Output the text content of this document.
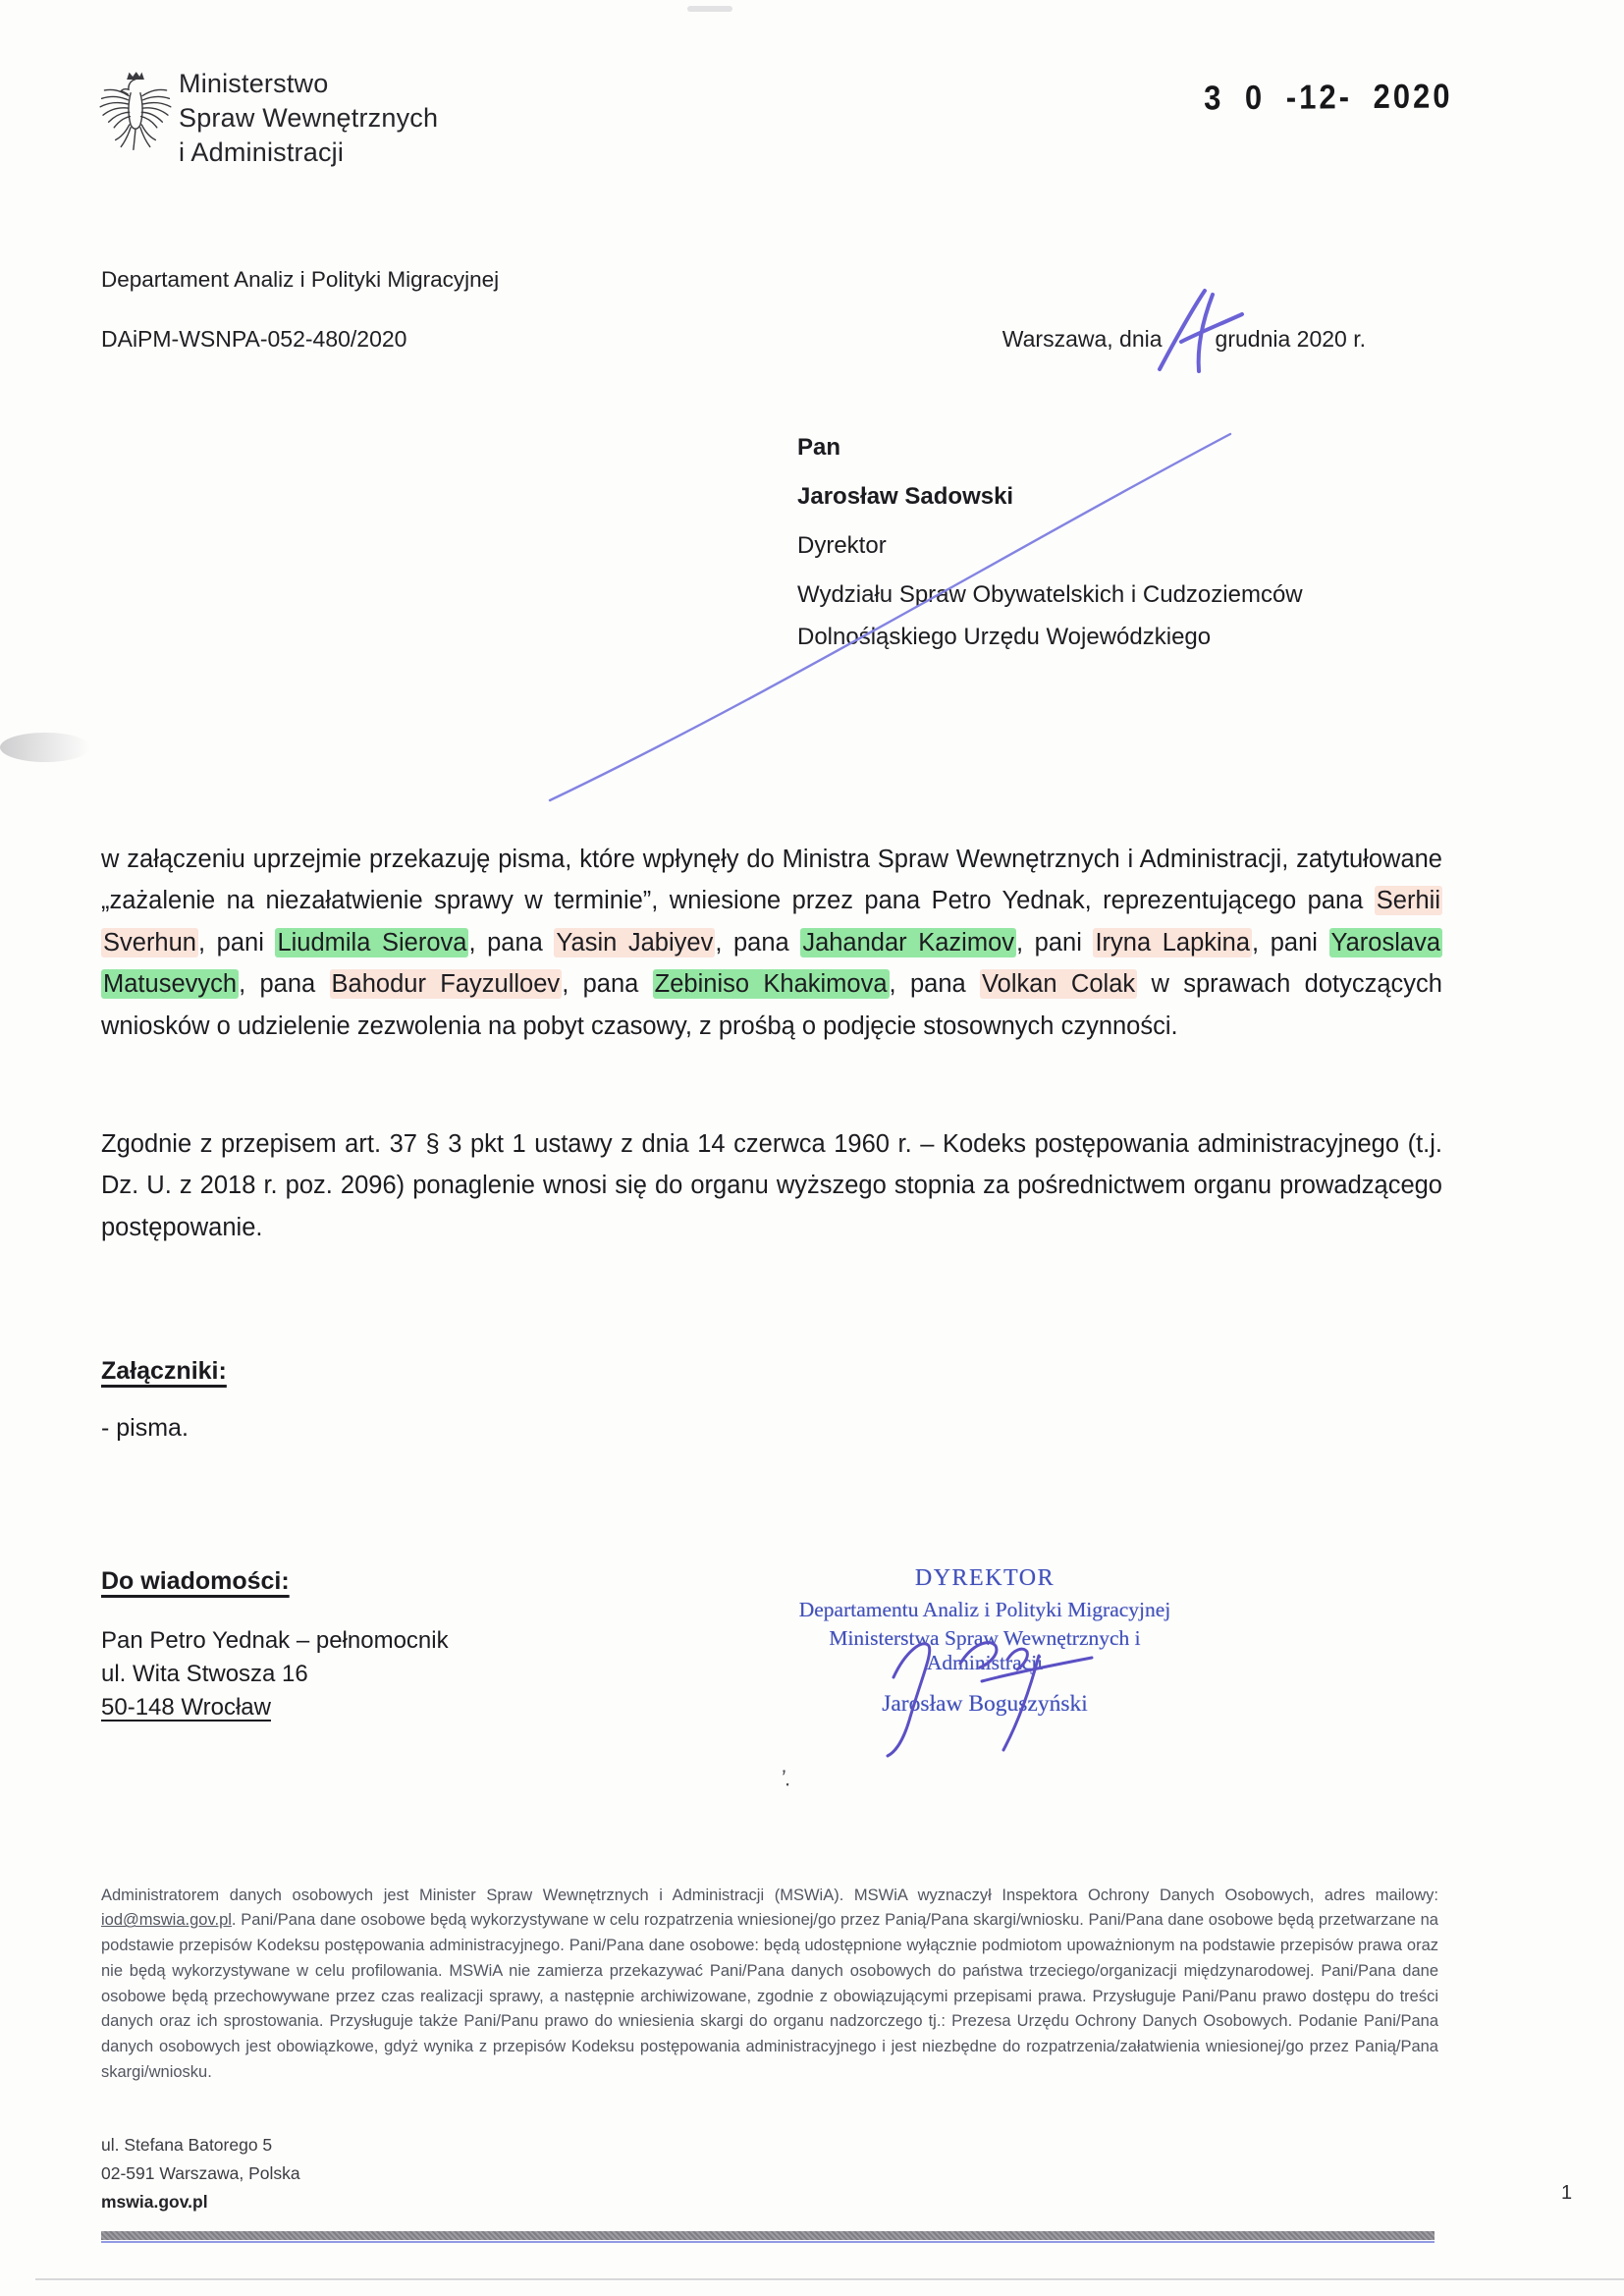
Ministerstwo
Spraw Wewnętrznych
i Administracji
3 0 -12- 2020
Departament Analiz i Polityki Migracyjnej
DAiPM-WSNPA-052-480/2020	Warszawa, dnia grudnia 2020 r.
Pan
Jarosław Sadowski
Dyrektor
Wydziału Spraw Obywatelskich i Cudzoziemców
Dolnośląskiego Urzędu Wojewódzkiego

w załączeniu uprzejmie przekazuję pisma, które wpłynęły do Ministra Spraw Wewnętrznych i Administracji, zatytułowane „zażalenie na niezałatwienie sprawy w terminie”, wniesione przez pana Petro Yednak, reprezentującego pana Serhii Sverhun, pani Liudmila Sierova, pana Yasin Jabiyev, pana Jahandar Kazimov, pani Iryna Lapkina, pani Yaroslava Matusevych, pana Bahodur Fayzulloev, pana Zebiniso Khakimova, pana Volkan Colak w sprawach dotyczących wniosków o udzielenie zezwolenia na pobyt czasowy, z prośbą o podjęcie stosownych czynności.

Zgodnie z przepisem art. 37 § 3 pkt 1 ustawy z dnia 14 czerwca 1960 r. – Kodeks postępowania administracyjnego (t.j. Dz. U. z 2018 r. poz. 2096) ponaglenie wnosi się do organu wyższego stopnia za pośrednictwem organu prowadzącego postępowanie.

Załączniki:
- pisma.
Do wiadomości:
Pan Petro Yednak – pełnomocnik
ul. Wita Stwosza 16
50-148 Wrocław
DYREKTOR
Departamentu Analiz i Polityki Migracyjnej
Ministerstwa Spraw Wewnętrznych i Administracji
Jarosław Boguszyński
’.

Administratorem danych osobowych jest Minister Spraw Wewnętrznych i Administracji (MSWiA). MSWiA wyznaczył Inspektora Ochrony Danych Osobowych, adres mailowy: iod@mswia.gov.pl. Pani/Pana dane osobowe będą wykorzystywane w celu rozpatrzenia wniesionej/go przez Panią/Pana skargi/wniosku. Pani/Pana dane osobowe będą przetwarzane na podstawie przepisów Kodeksu postępowania administracyjnego. Pani/Pana dane osobowe: będą udostępnione wyłącznie podmiotom upoważnionym na podstawie przepisów prawa oraz nie będą wykorzystywane w celu profilowania. MSWiA nie zamierza przekazywać Pani/Pana danych osobowych do państwa trzeciego/organizacji międzynarodowej. Pani/Pana dane osobowe będą przechowywane przez czas realizacji sprawy, a następnie archiwizowane, zgodnie z obowiązującymi przepisami prawa. Przysługuje Pani/Panu prawo dostępu do treści danych oraz ich sprostowania. Przysługuje także Pani/Panu prawo do wniesienia skargi do organu nadzorczego tj.: Prezesa Urzędu Ochrony Danych Osobowych. Podanie Pani/Pana danych osobowych jest obowiązkowe, gdyż wynika z przepisów Kodeksu postępowania administracyjnego i jest niezbędne do rozpatrzenia/załatwienia wniesionej/go przez Panią/Pana skargi/wniosku.

ul. Stefana Batorego 5
02-591 Warszawa, Polska
mswia.gov.pl	1
